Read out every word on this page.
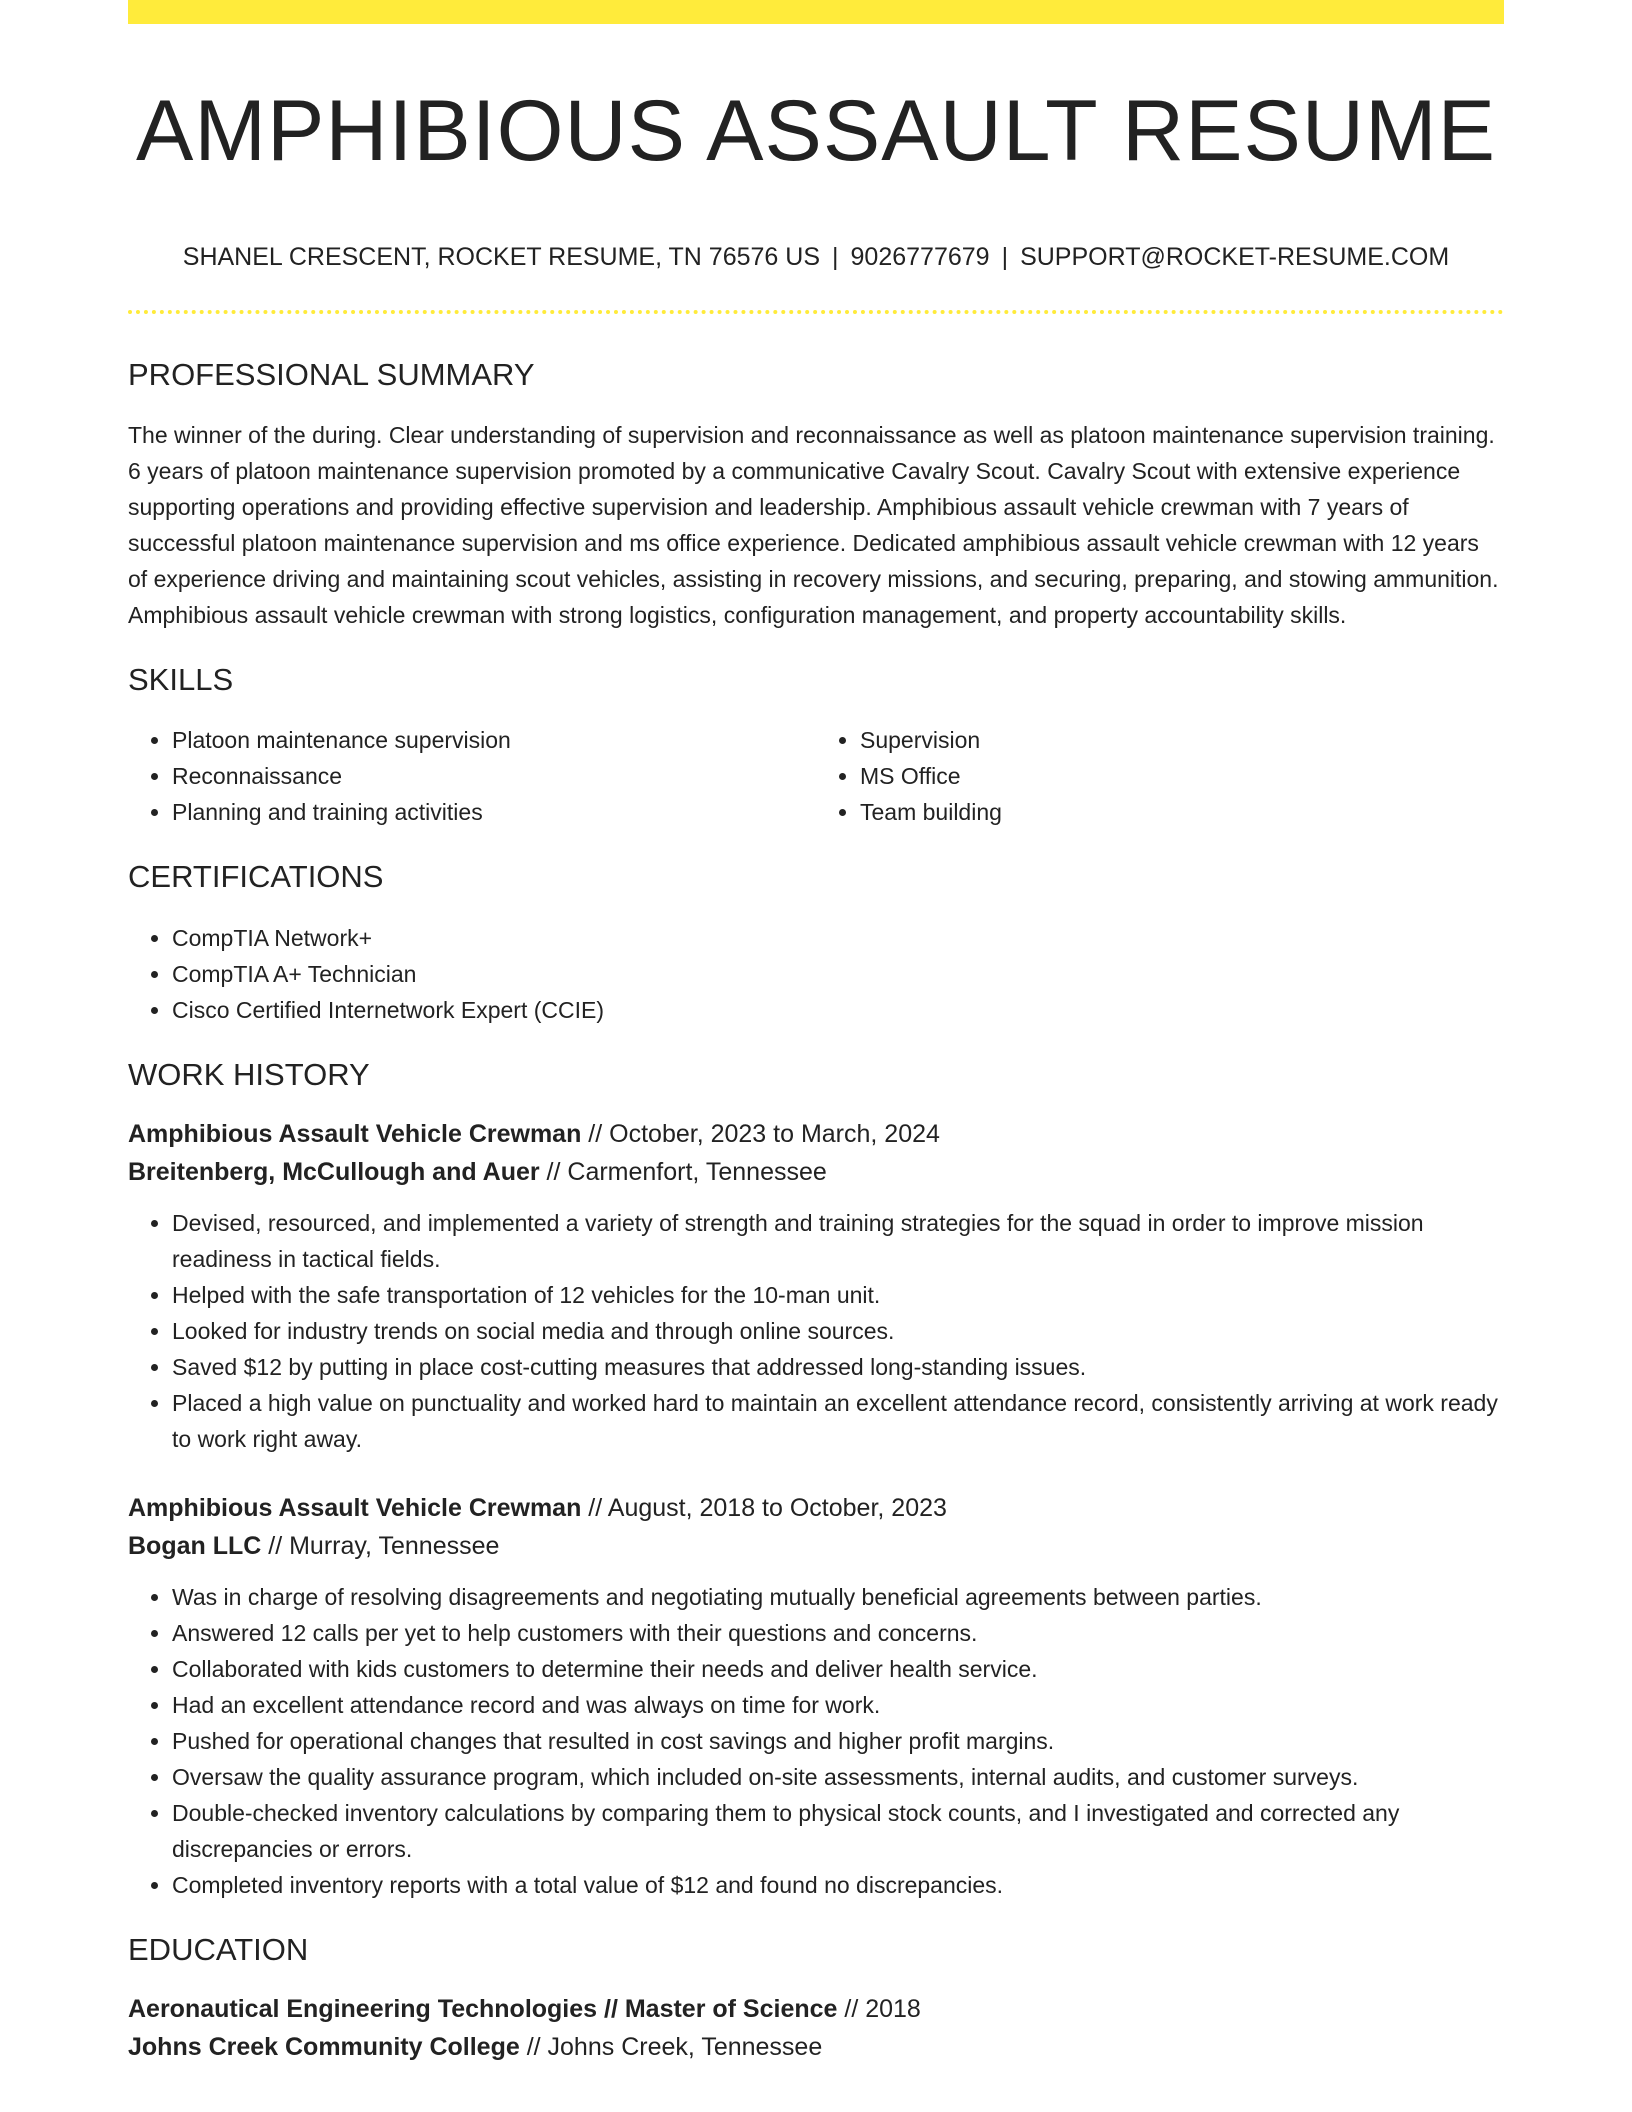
AMPHIBIOUS ASSAULT RESUME
SHANEL CRESCENT, ROCKET RESUME, TN 76576 US | 9026777679 | SUPPORT@ROCKET-RESUME.COM
PROFESSIONAL SUMMARY
The winner of the during. Clear understanding of supervision and reconnaissance as well as platoon maintenance supervision training. 6 years of platoon maintenance supervision promoted by a communicative Cavalry Scout. Cavalry Scout with extensive experience supporting operations and providing effective supervision and leadership. Amphibious assault vehicle crewman with 7 years of successful platoon maintenance supervision and ms office experience. Dedicated amphibious assault vehicle crewman with 12 years of experience driving and maintaining scout vehicles, assisting in recovery missions, and securing, preparing, and stowing ammunition. Amphibious assault vehicle crewman with strong logistics, configuration management, and property accountability skills.
SKILLS
• Platoon maintenance supervision
• Reconnaissance
• Planning and training activities
• Supervision
• MS Office
• Team building
CERTIFICATIONS
• CompTIA Network+
• CompTIA A+ Technician
• Cisco Certified Internetwork Expert (CCIE)
WORK HISTORY
Amphibious Assault Vehicle Crewman // October, 2023 to March, 2024
Breitenberg, McCullough and Auer // Carmenfort, Tennessee
• Devised, resourced, and implemented a variety of strength and training strategies for the squad in order to improve mission readiness in tactical fields.
• Helped with the safe transportation of 12 vehicles for the 10-man unit.
• Looked for industry trends on social media and through online sources.
• Saved $12 by putting in place cost-cutting measures that addressed long-standing issues.
• Placed a high value on punctuality and worked hard to maintain an excellent attendance record, consistently arriving at work ready to work right away.
Amphibious Assault Vehicle Crewman // August, 2018 to October, 2023
Bogan LLC // Murray, Tennessee
• Was in charge of resolving disagreements and negotiating mutually beneficial agreements between parties.
• Answered 12 calls per yet to help customers with their questions and concerns.
• Collaborated with kids customers to determine their needs and deliver health service.
• Had an excellent attendance record and was always on time for work.
• Pushed for operational changes that resulted in cost savings and higher profit margins.
• Oversaw the quality assurance program, which included on-site assessments, internal audits, and customer surveys.
• Double-checked inventory calculations by comparing them to physical stock counts, and I investigated and corrected any discrepancies or errors.
• Completed inventory reports with a total value of $12 and found no discrepancies.
EDUCATION
Aeronautical Engineering Technologies // Master of Science // 2018
Johns Creek Community College // Johns Creek, Tennessee
